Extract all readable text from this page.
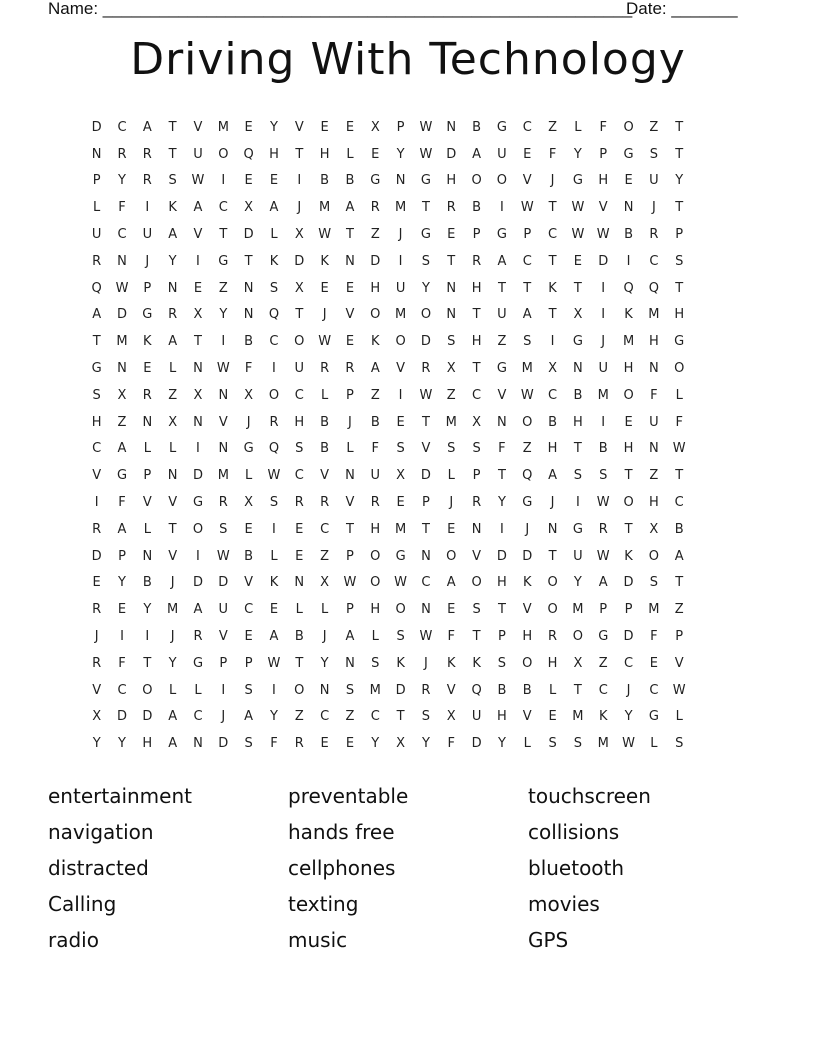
Name: ________________________________________________________
Date: _______
Driving With Technology
D	C	A	T	V	M	E	Y	V	E	E	X	P	W	N	B	G	C	Z	L	F	O	Z	T
N	R	R	T	U	O	Q	H	T	H	L	E	Y	W	D	A	U	E	F	Y	P	G	S	T
P	Y	R	S	W	I	E	E	I	B	B	G	N	G	H	O	O	V	J	G	H	E	U	Y
L	F	I	K	A	C	X	A	J	M	A	R	M	T	R	B	I	W	T	W	V	N	J	T
U	C	U	A	V	T	D	L	X	W	T	Z	J	G	E	P	G	P	C	W W	B	R	P
R	N	J	Y	I	G	T	K	D	K	N	D	I	S	T	R	A	C	T	E	D	I	C	S
Q	W	P	N	E	Z	N	S	X	E	E	H	U	Y	N	H	T	T	K	T	I	Q	Q	T
A	D	G	R	X	Y	N	Q	T	J	V	O	M	O	N	T	U	A	T	X	I	K	M	H
T	M	K	A	T	I	B	C	O	W	E	K	O	D	S	H	Z	S	I	G	J	M	H	G
G	N	E	L	N	W	F	I	U	R	R	A	V	R	X	T	G	M	X	N	U	H	N	O
S	X	R	Z	X	N	X	O	C	L	P	Z	I	W	Z	C	V	W	C	B	M	O	F	L
H	Z	N	X	N	V	J	R	H	B	J	B	E	T	M	X	N	O	B	H	I	E	U	F
C	A	L	L	I	N	G	Q	S	B	L	F	S	V	S	S	F	Z	H	T	B	H	N	W
V	G	P	N	D	M	L	W	C	V	N	U	X	D	L	P	T	Q	A	S	S	T	Z	T
I	F	V	V	G	R	X	S	R	R	V	R	E	P	J	R	Y	G	J	I	W	O	H	C
R	A	L	T	O	S	E	I	E	C	T	H	M	T	E	N	I	J	N	G	R	T	X	B
D	P	N	V	I	W	B	L	E	Z	P	O	G	N	O	V	D	D	T	U	W	K	O	A
E	Y	B	J	D	D	V	K	N	X	W	O	W	C	A	O	H	K	O	Y	A	D	S	T
R	E	Y	M	A	U	C	E	L	L	P	H	O	N	E	S	T	V	O	M	P	P	M	Z
J	I	I	J	R	V	E	A	B	J	A	L	S	W	F	T	P	H	R	O	G	D	F	P
R	F	T	Y	G	P	P	W	T	Y	N	S	K	J	K	K	S	O	H	X	Z	C	E	V
V	C	O	L	L	I	S	I	O	N	S	M	D	R	V	Q	B	B	L	T	C	J	C	W
X	D	D	A	C	J	A	Y	Z	C	Z	C	T	S	X	U	H	V	E	M	K	Y	G	L
Y	Y	H	A	N	D	S	F	R	E	E	Y	X	Y	F	D	Y	L	S	S	M	W	L	S
entertainment	preventable	touchscreen
navigation	hands free	collisions
distracted	cellphones	bluetooth
Calling	texting	movies
radio	music	GPS
